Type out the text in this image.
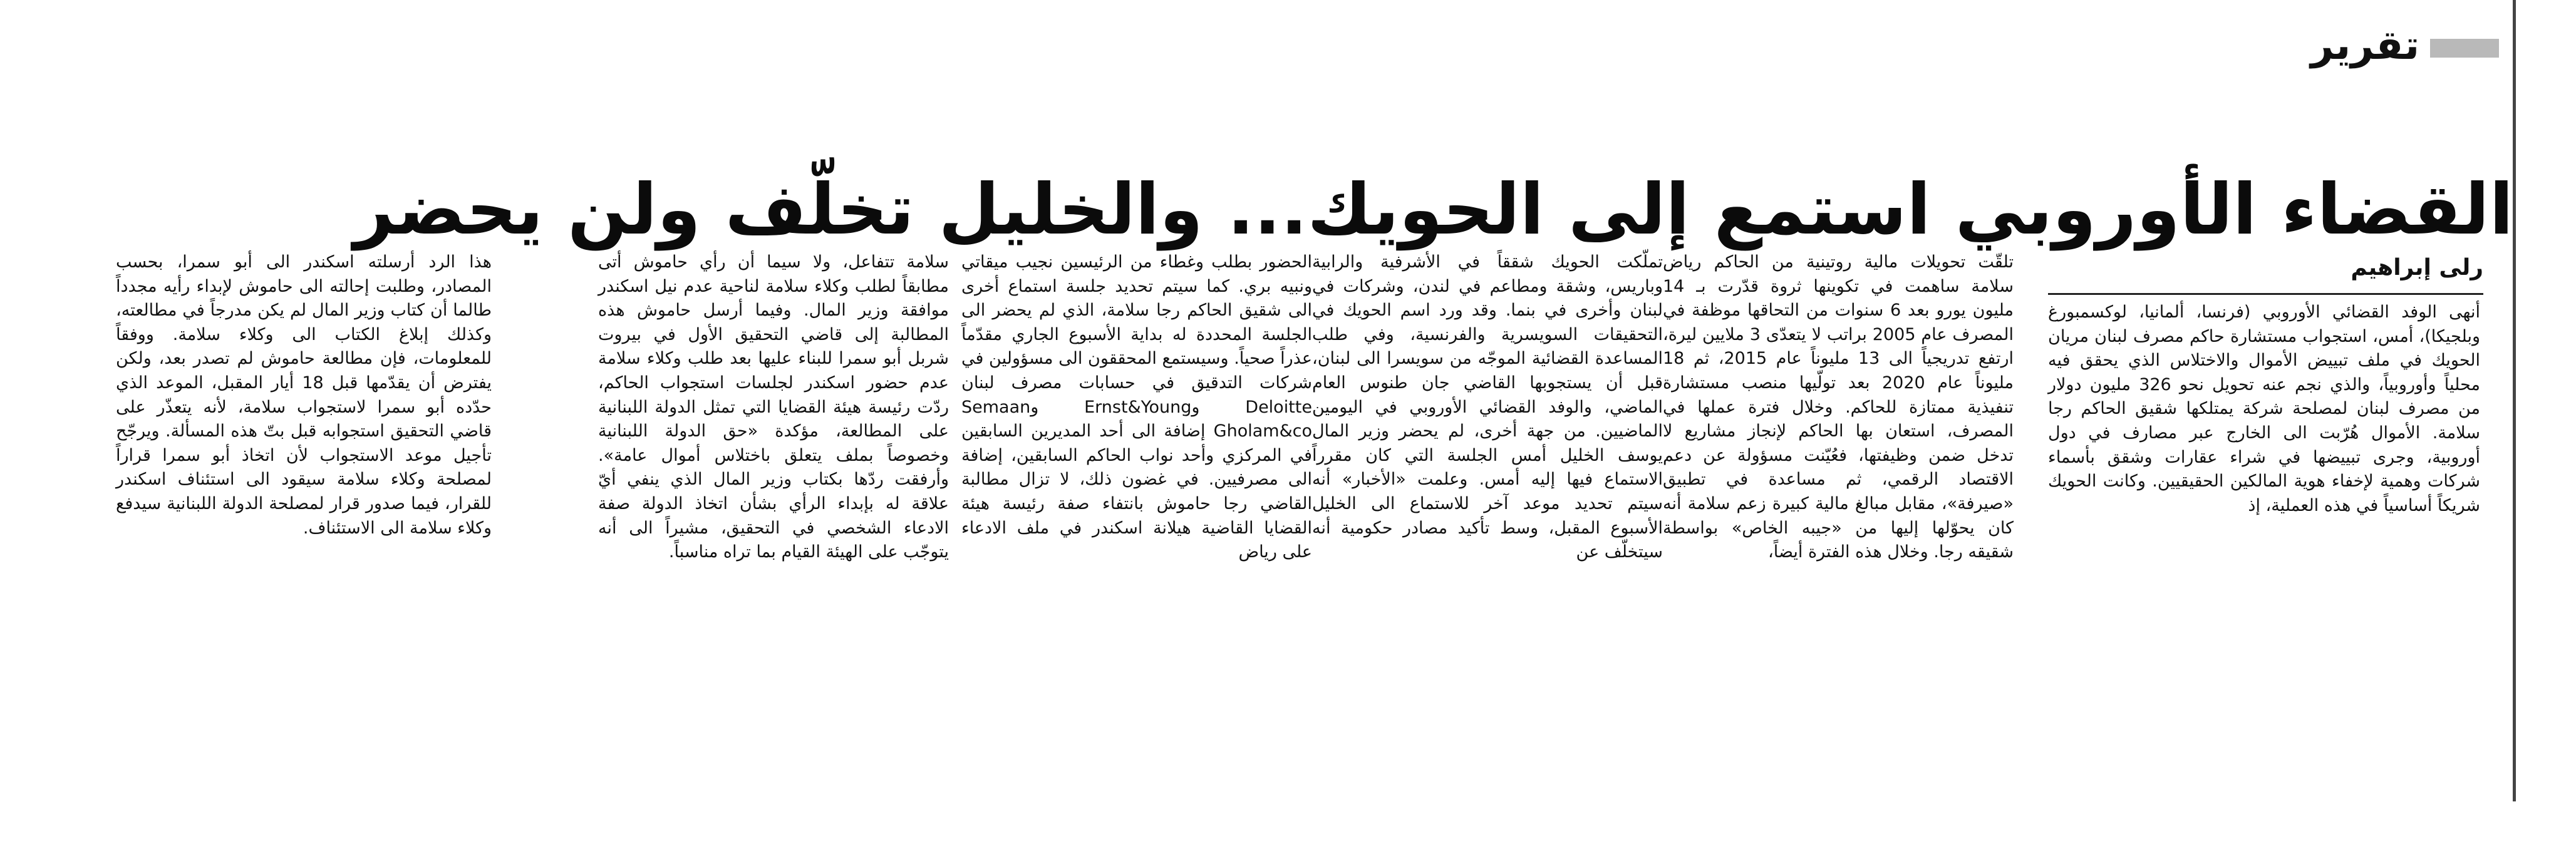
تقرير
القضاء الأوروبي استمع إلى الحويك... والخليل تخلّف ولن يحضر
رلى إبراهيم
أنهى الوفد القضائي الأوروبي (فرنسا، ألمانيا، لوكسمبورغ وبلجيكا)، أمس، استجواب مستشارة حاكم مصرف لبنان مريان الحويك في ملف تبييض الأموال والاختلاس الذي يحقق فيه محلياً وأوروبياً، والذي نجم عنه تحويل نحو 326 مليون دولار من مصرف لبنان لمصلحة شركة يمتلكها شقيق الحاكم رجا سلامة. الأموال هُرّبت الى الخارج عبر مصارف في دول أوروبية، وجرى تبييضها في شراء عقارات وشقق بأسماء شركات وهمية لإخفاء هوية المالكين الحقيقيين. وكانت الحويك شريكاً أساسياً في هذه العملية، إذ
تلقّت تحويلات مالية روتينية من الحاكم رياض سلامة ساهمت في تكوينها ثروة قدّرت بـ 14 مليون يورو بعد 6 سنوات من التحاقها موظفة في المصرف عام 2005 براتب لا يتعدّى 3 ملايين ليرة، ارتفع تدريجياً الى 13 مليوناً عام 2015، ثم 18 مليوناً عام 2020 بعد تولّيها منصب مستشارة تنفيذية ممتازة للحاكم. وخلال فترة عملها في المصرف، استعان بها الحاكم لإنجاز مشاريع لا تدخل ضمن وظيفتها، فعُيّنت مسؤولة عن دعم الاقتصاد الرقمي، ثم مساعدة في تطبيق «صيرفة»، مقابل مبالغ مالية كبيرة زعم سلامة أنه كان يحوّلها إليها من «جيبه الخاص» بواسطة شقيقه رجا. وخلال هذه الفترة أيضاً،
تملّكت الحويك شققاً في الأشرفية والرابية وباريس، وشقة ومطاعم في لندن، وشركات في لبنان وأخرى في بنما. وقد ورد اسم الحويك في التحقيقات السويسرية والفرنسية، وفي طلب المساعدة القضائية الموجّه من سويسرا الى لبنان، قبل أن يستجوبها القاضي جان طنوس العام الماضي، والوفد القضائي الأوروبي في اليومين الماضيين. من جهة أخرى، لم يحضر وزير المال يوسف الخليل أمس الجلسة التي كان مقرراً الاستماع فيها إليه أمس. وعلمت «الأخبار» أنه سيتم تحديد موعد آخر للاستماع الى الخليل الأسبوع المقبل، وسط تأكيد مصادر حكومية أنه سيتخلّف عن
الحضور بطلب وغطاء من الرئيسين نجيب ميقاتي ونبيه بري. كما سيتم تحديد جلسة استماع أخرى الى شقيق الحاكم رجا سلامة، الذي لم يحضر الى الجلسة المحددة له بداية الأسبوع الجاري مقدّماً عذراً صحياً. وسيستمع المحققون الى مسؤولين في شركات التدقيق في حسابات مصرف لبنان Deloitte وErnst&Young وSemaan Gholam&co إضافة الى أحد المديرين السابقين في المركزي وأحد نواب الحاكم السابقين، إضافة الى مصرفيين. في غضون ذلك، لا تزال مطالبة القاضي رجا حاموش بانتفاء صفة رئيسة هيئة القضايا القاضية هيلانة اسكندر في ملف الادعاء على رياض
سلامة تتفاعل، ولا سيما أن رأي حاموش أتى مطابقاً لطلب وكلاء سلامة لناحية عدم نيل اسكندر موافقة وزير المال. وفيما أرسل حاموش هذه المطالبة إلى قاضي التحقيق الأول في بيروت شربل أبو سمرا للبناء عليها بعد طلب وكلاء سلامة عدم حضور اسكندر لجلسات استجواب الحاكم، ردّت رئيسة هيئة القضايا التي تمثل الدولة اللبنانية على المطالعة، مؤكدة «حق الدولة اللبنانية وخصوصاً بملف يتعلق باختلاس أموال عامة». وأرفقت ردّها بكتاب وزير المال الذي ينفي أيّ علاقة له بإبداء الرأي بشأن اتخاذ الدولة صفة الادعاء الشخصي في التحقيق، مشيراً الى أنه يتوجّب على الهيئة القيام بما تراه مناسباً.
هذا الرد أرسلته اسكندر الى أبو سمرا، بحسب المصادر، وطلبت إحالته الى حاموش لإبداء رأيه مجدداً طالما أن كتاب وزير المال لم يكن مدرجاً في مطالعته، وكذلك إبلاغ الكتاب الى وكلاء سلامة. ووفقاً للمعلومات، فإن مطالعة حاموش لم تصدر بعد، ولكن يفترض أن يقدّمها قبل 18 أيار المقبل، الموعد الذي حدّده أبو سمرا لاستجواب سلامة، لأنه يتعذّر على قاضي التحقيق استجوابه قبل بتّ هذه المسألة. ويرجّح تأجيل موعد الاستجواب لأن اتخاذ أبو سمرا قراراً لمصلحة وكلاء سلامة سيقود الى استئناف اسكندر للقرار، فيما صدور قرار لمصلحة الدولة اللبنانية سيدفع وكلاء سلامة الى الاستئناف.
